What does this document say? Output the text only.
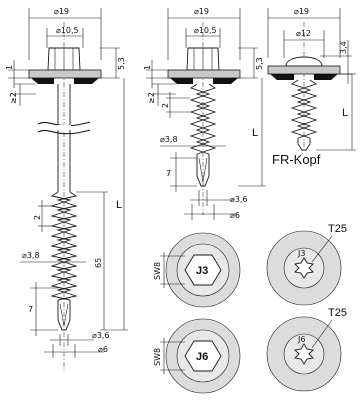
⌀19
⌀10,5
5,3
1
≥2
2
⌀3,8
7
L
65
⌀3,6
⌀6
⌀19
⌀10,5
5,3
1
≥2
2
⌀3,8
7
L
⌀3,6
⌀6
⌀19
⌀12
3,4
L
FR-Kopf
J3
SW8
J3
T25
J6
SW8
J6
T25
